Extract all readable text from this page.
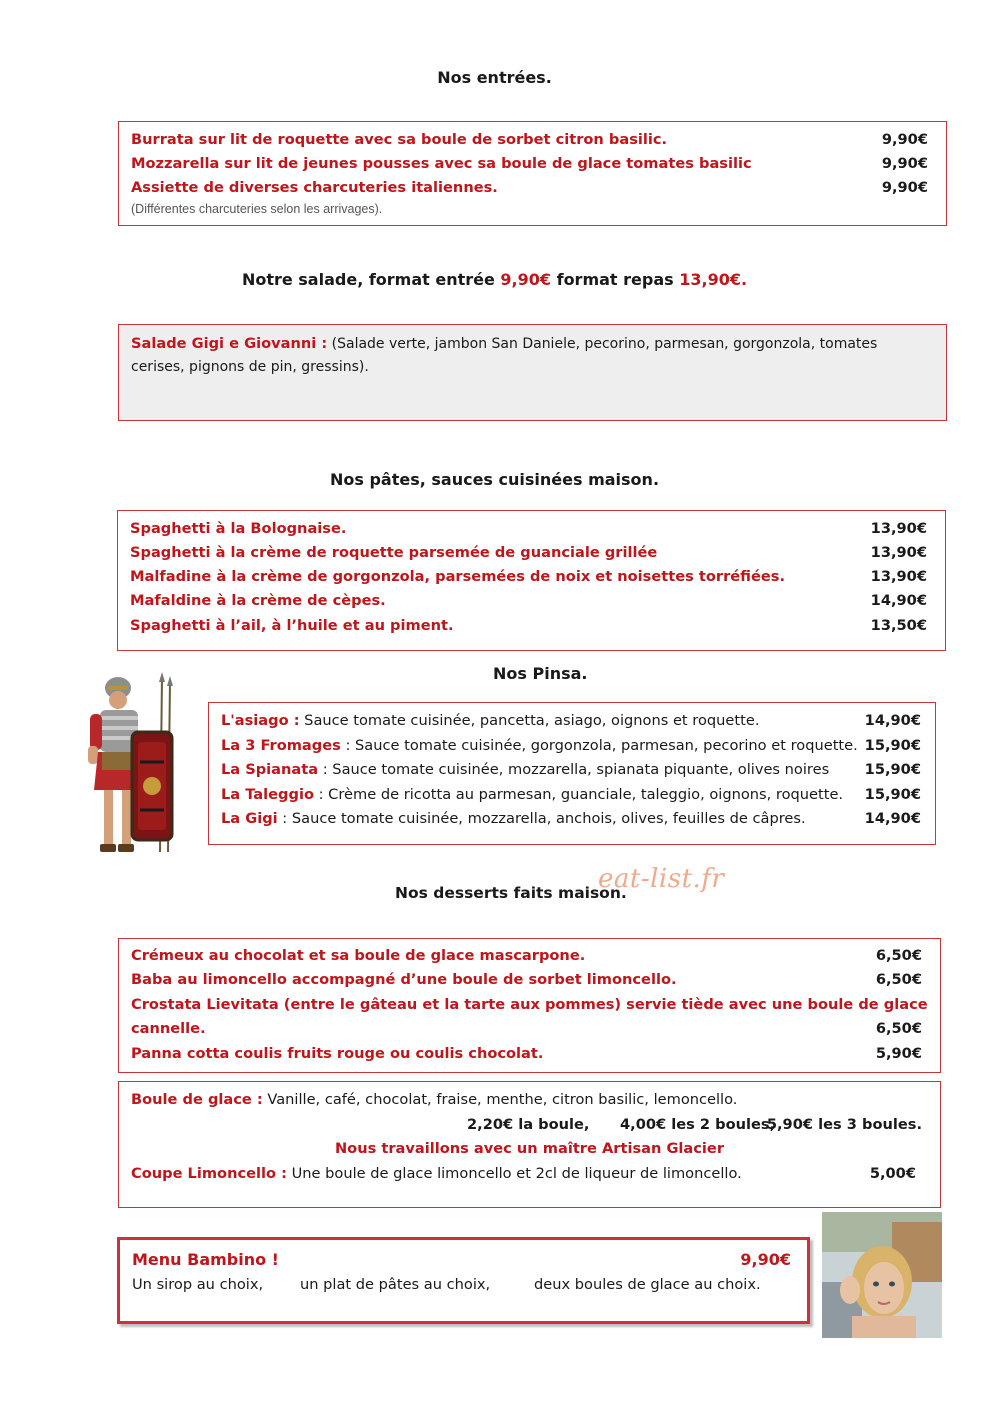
Nos entrées.
Burrata sur lit de roquette avec sa boule de sorbet citron basilic.	9,90€
Mozzarella sur lit de jeunes pousses avec sa boule de glace tomates basilic	9,90€
Assiette de diverses charcuteries italiennes.	9,90€
(Différentes charcuteries selon les arrivages).
Notre salade, format entrée 9,90€ format repas 13,90€.
Salade Gigi e Giovanni : (Salade verte, jambon San Daniele, pecorino, parmesan, gorgonzola, tomates cerises, pignons de pin, gressins).
Nos pâtes, sauces cuisinées maison.
Spaghetti à la Bolognaise.	13,90€
Spaghetti à la crème de roquette parsemée de guanciale grillée	13,90€
Malfadine à la crème de gorgonzola, parsemées de noix et noisettes torréfiées.	13,90€
Mafaldine à la crème de cèpes.	14,90€
Spaghetti à l’ail, à l’huile et au piment.	13,50€
Nos Pinsa.
L'asiago : Sauce tomate cuisinée, pancetta, asiago, oignons et roquette.	14,90€
La 3 Fromages : Sauce tomate cuisinée, gorgonzola, parmesan, pecorino et roquette. 15,90€
La Spianata : Sauce tomate cuisinée, mozzarella, spianata piquante, olives noires 15,90€
La Taleggio : Crème de ricotta au parmesan, guanciale, taleggio, oignons, roquette. 15,90€
La Gigi : Sauce tomate cuisinée, mozzarella, anchois, olives, feuilles de câpres.	14,90€
Nos desserts faits maison.
eat-list.fr
Crémeux au chocolat et sa boule de glace mascarpone.	6,50€
Baba au limoncello accompagné d’une boule de sorbet limoncello.	6,50€
Crostata Lievitata (entre le gâteau et la tarte aux pommes) servie tiède avec une boule de glace
cannelle.	6,50€
Panna cotta coulis fruits rouge ou coulis chocolat.	5,90€
Boule de glace : Vanille, café, chocolat, fraise, menthe, citron basilic, lemoncello.
2,20€ la boule, 4,00€ les 2 boules,
5,90€ les 3 boules.
Nous travaillons avec un maître Artisan Glacier
Coupe Limoncello : Une boule de glace limoncello et 2cl de liqueur de limoncello.	5,00€
Menu Bambino !	9,90€
Un sirop au choix,	un plat de pâtes au choix,	deux boules de glace au choix.
